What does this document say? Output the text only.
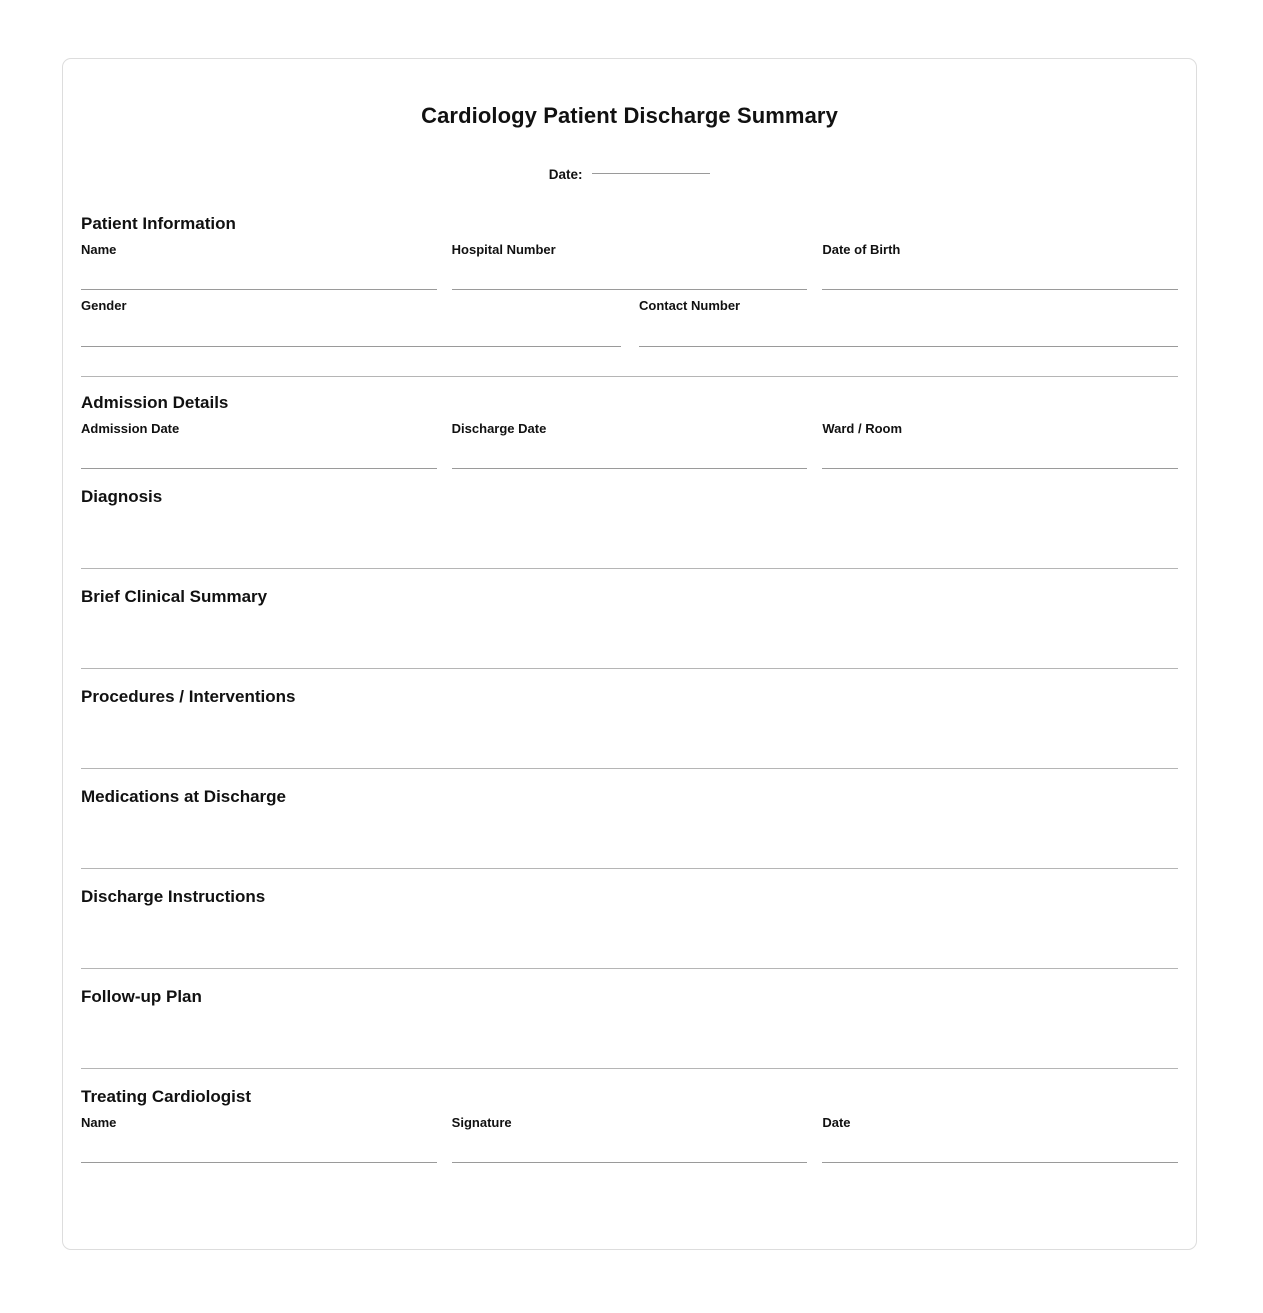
Cardiology Patient Discharge Summary
Date:
Patient Information
Name	Hospital Number	Date of Birth
Gender	Contact Number
Admission Details
Admission Date	Discharge Date	Ward / Room
Diagnosis
Brief Clinical Summary
Procedures / Interventions
Medications at Discharge
Discharge Instructions
Follow-up Plan
Treating Cardiologist
Name	Signature	Date
